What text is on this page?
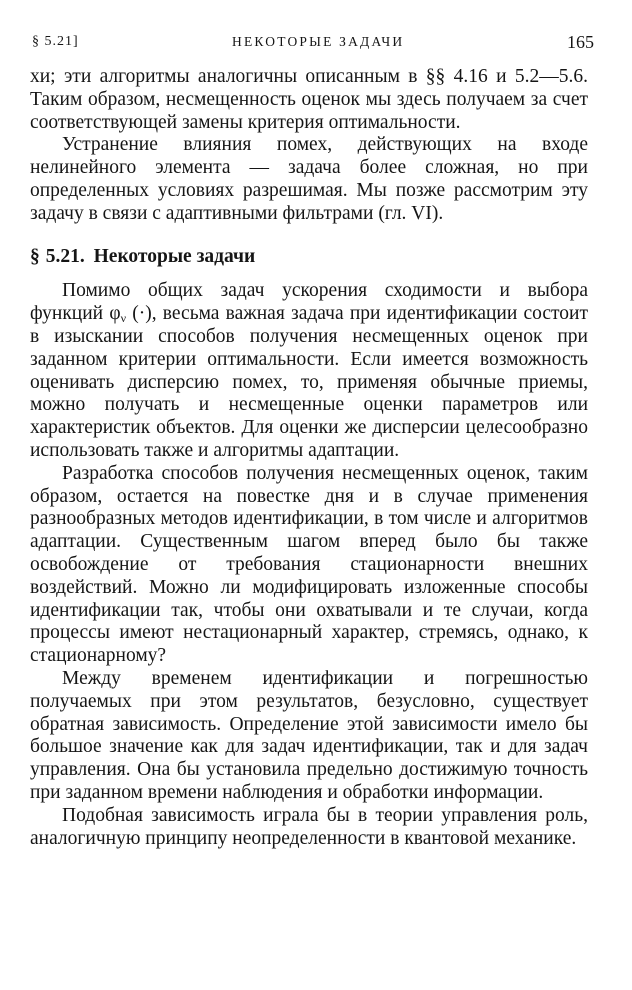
§ 5.21]	НЕКОТОРЫЕ ЗАДАЧИ	165

хи; эти алгоритмы аналогичны описанным в §§ 4.16 и 5.2—5.6. Таким образом, несмещенность оценок мы здесь получаем за счет соответствующей замены критерия оптимальности.

Устранение влияния помех, действующих на входе нелинейного элемента — задача более сложная, но при определенных условиях разрешимая. Мы позже рассмотрим эту задачу в связи с адаптивными фильтрами (гл. VI).

§ 5.21. Некоторые задачи

Помимо общих задач ускорения сходимости и выбора функций $\varphi_\nu$ (·), весьма важная задача при идентификации состоит в изыскании способов получения несмещенных оценок при заданном критерии оптимальности. Если имеется возможность оценивать дисперсию помех, то, применяя обычные приемы, можно получать и несмещенные оценки параметров или характеристик объектов. Для оценки же дисперсии целесообразно использовать также и алгоритмы адаптации.

Разработка способов получения несмещенных оценок, таким образом, остается на повестке дня и в случае применения разнообразных методов идентификации, в том числе и алгоритмов адаптации. Существенным шагом вперед было бы также освобождение от требования стационарности внешних воздействий. Можно ли модифицировать изложенные способы идентификации так, чтобы они охватывали и те случаи, когда процессы имеют нестационарный характер, стремясь, однако, к стационарному?

Между временем идентификации и погрешностью получаемых при этом результатов, безусловно, существует обратная зависимость. Определение этой зависимости имело бы большое значение как для задач идентификации, так и для задач управления. Она бы установила предельно достижимую точность при заданном времени наблюдения и обработки информации.

Подобная зависимость играла бы в теории управления роль, аналогичную принципу неопределенности в квантовой механике.
